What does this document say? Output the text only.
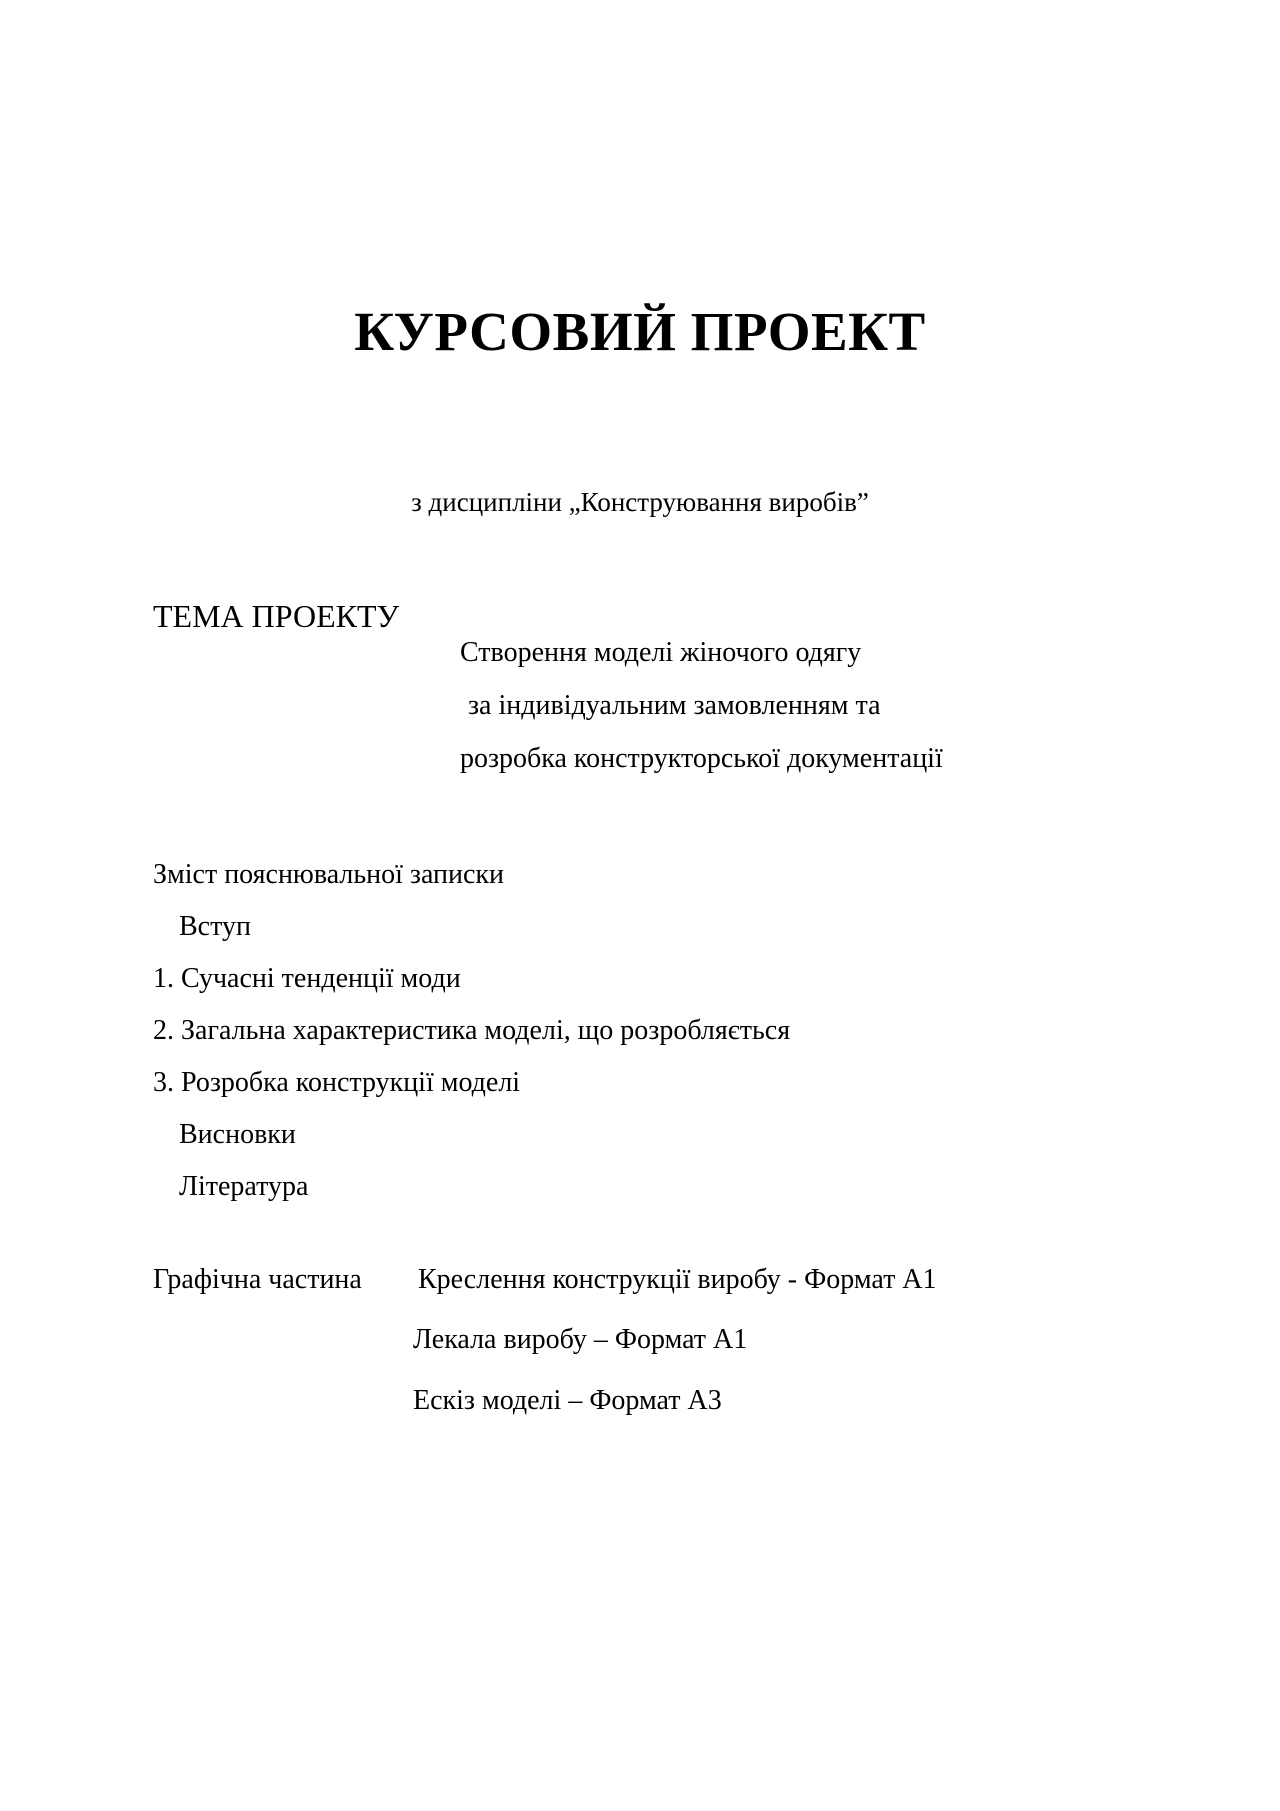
КУРСОВИЙ ПРОЕКТ
з дисципліни „Конструювання виробів”
ТЕМА ПРОЕКТУ
Створення моделі жіночого одягу
за індивідуальним замовленням та
розробка конструкторської документації
Зміст пояснювальної записки
Вступ
1. Сучасні тенденції моди
2. Загальна характеристика моделі, що розробляється
3. Розробка конструкції моделі
Висновки
Література
Графічна частина Креслення конструкції виробу - Формат А1
Лекала виробу – Формат А1
Ескіз моделі – Формат А3
